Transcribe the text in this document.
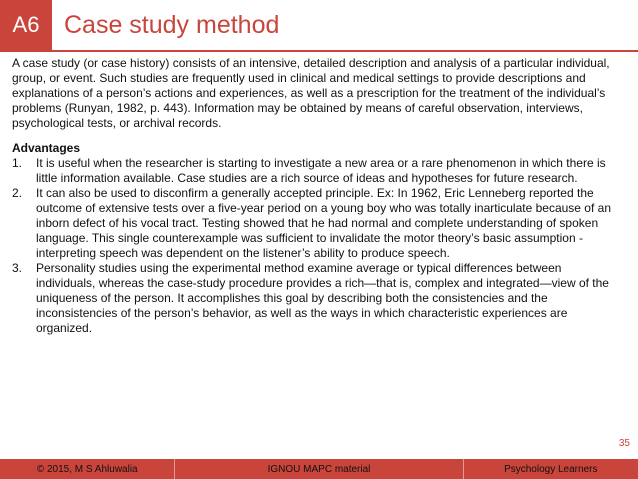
A6 Case study method

A case study (or case history) consists of an intensive, detailed description and analysis of a particular individual, group, or event. Such studies are frequently used in clinical and medical settings to provide descriptions and explanations of a person’s actions and experiences, as well as a prescription for the treatment of the individual’s problems (Runyan, 1982, p. 443). Information may be obtained by means of careful observation, interviews, psychological tests, or archival records.

Advantages

1.	It is useful when the researcher is starting to investigate a new area or a rare phenomenon in which there is little information available. Case studies are a rich source of ideas and hypotheses for future research.
2.	It can also be used to disconfirm a generally accepted principle. Ex: In 1962, Eric Lenneberg reported the outcome of extensive tests over a five-year period on a young boy who was totally inarticulate because of an inborn defect of his vocal tract. Testing showed that he had normal and complete understanding of spoken language. This single counterexample was sufficient to invalidate the motor theory’s basic assumption - interpreting speech was dependent on the listener’s ability to produce speech.
3.	Personality studies using the experimental method examine average or typical differences between individuals, whereas the case-study procedure provides a rich—that is, complex and integrated—view of the uniqueness of the person. It accomplishes this goal by describing both the consistencies and the inconsistencies of the person’s behavior, as well as the ways in which characteristic experiences are organized.
35
© 2015, M S Ahluwalia	IGNOU MAPC material	Psychology Learners
